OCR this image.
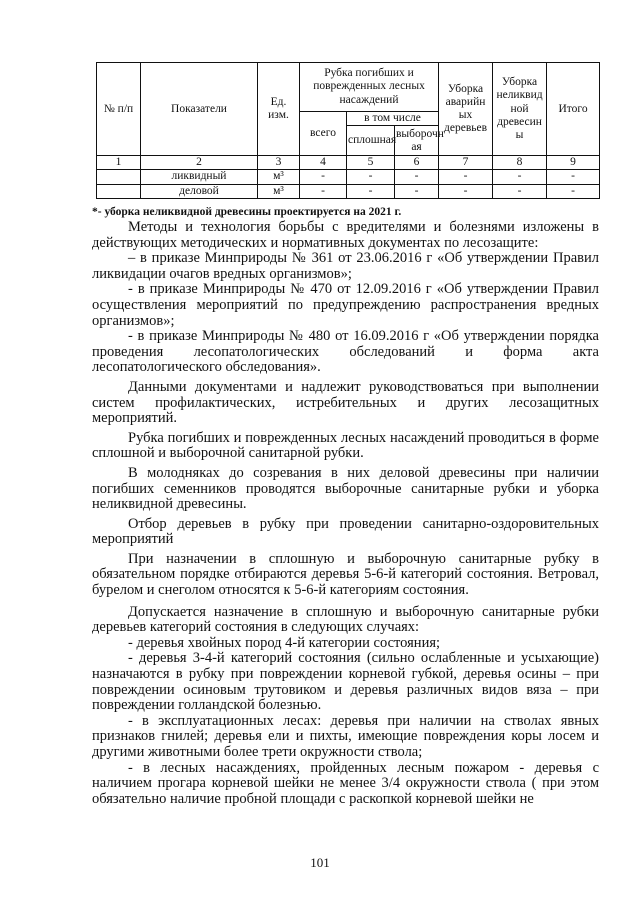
№ п/п	Показатели	Ед. изм.	Рубка погибших и поврежденных лесных насаждений			Уборка аварийн ых деревьев	Уборка неликвид ной древесин ы	Итого
			всего	в том числе				
				сплошная	выборочн ая			
1	2	3	4	5	6	7	8	9
	ликвидный	м³	-	-	-	-	-	-
	деловой	м³	-	-	-	-	-	-
*- уборка неликвидной древесины проектируется на 2021 г.

Методы и технология борьбы с вредителями и болезнями изложены в действующих методических и нормативных документах по лесозащите:

– в приказе Минприроды № 361 от 23.06.2016 г «Об утверждении Правил ликвидации очагов вредных организмов»;

- в приказе Минприроды № 470 от 12.09.2016 г «Об утверждении Правил осуществления мероприятий по предупреждению распространения вредных организмов»;

- в приказе Минприроды № 480 от 16.09.2016 г «Об утверждении порядка проведения лесопатологических обследований и форма акта лесопатологического обследования».

Данными документами и надлежит руководствоваться при выполнении систем профилактических, истребительных и других лесозащитных мероприятий.

Рубка погибших и поврежденных лесных насаждений проводиться в форме сплошной и выборочной санитарной рубки.

В молодняках до созревания в них деловой древесины при наличии погибших семенников проводятся выборочные санитарные рубки и уборка неликвидной древесины.

Отбор деревьев в рубку при проведении санитарно-оздоровительных мероприятий

При назначении в сплошную и выборочную санитарные рубку в обязательном порядке отбираются деревья 5-6-й категорий состояния. Ветровал, бурелом и снеголом относятся к 5-6-й категориям состояния.

Допускается назначение в сплошную и выборочную санитарные рубки деревьев категорий состояния в следующих случаях:

- деревья хвойных пород 4-й категории состояния;

- деревья 3-4-й категорий состояния (сильно ослабленные и усыхающие) назначаются в рубку при повреждении корневой губкой, деревья осины – при повреждении осиновым трутовиком и деревья различных видов вяза – при повреждении голландской болезнью.

- в эксплуатационных лесах: деревья при наличии на стволах явных признаков гнилей; деревья ели и пихты, имеющие повреждения коры лосем и другими животными более трети окружности ствола;

- в лесных насаждениях, пройденных лесным пожаром - деревья с наличием прогара корневой шейки не менее 3/4 окружности ствола ( при этом обязательно наличие пробной площади с раскопкой корневой шейки не

101
